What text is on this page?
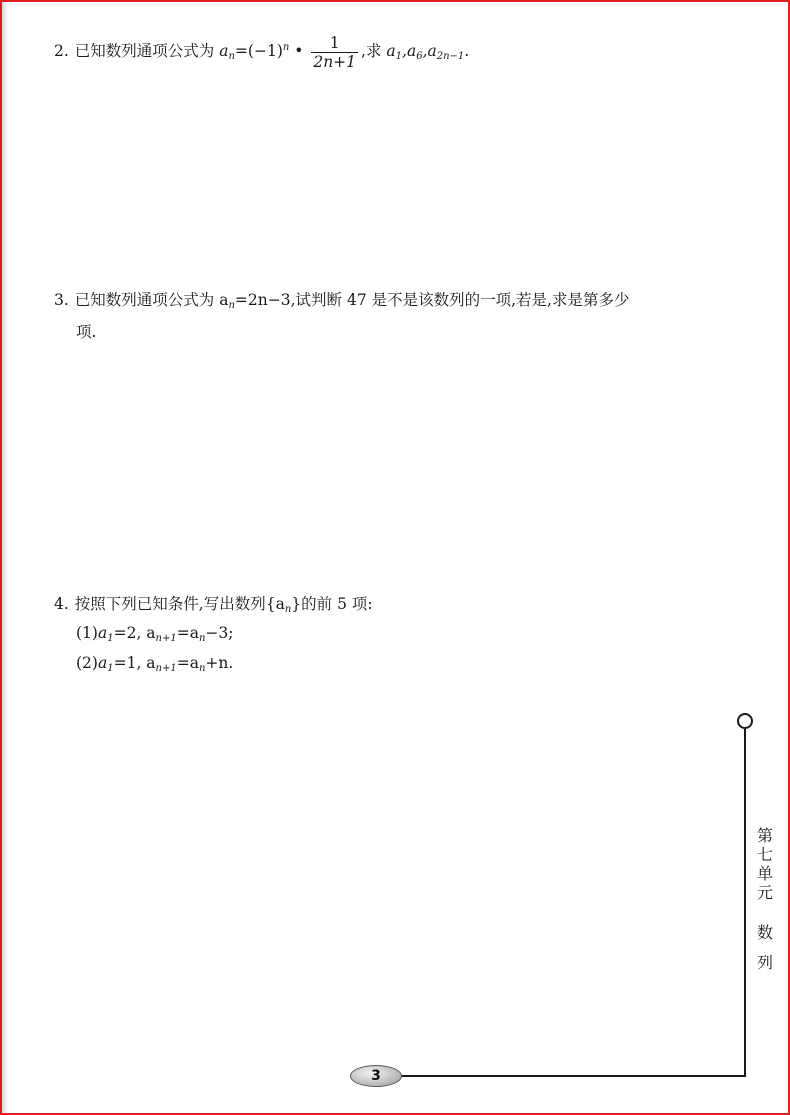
2. 已知数列通项公式为 $a_n=(-1)^n$ • $\frac{1}{2n+1}$ ,求 $a_1,a_6,a_{2n-1}$.
3. 已知数列通项公式为 $a_n=2n-3$,试判断 47 是不是该数列的一项,若是,求是第多少
项.
4. 按照下列已知条件,写出数列$\{a_n\}$的前 5 项:
$(1)a_1=2$, $a_{n+1}=a_n-3$;
$(2)a_1=1$, $a_{n+1}=a_n+n$.
第七单元
数列
3
